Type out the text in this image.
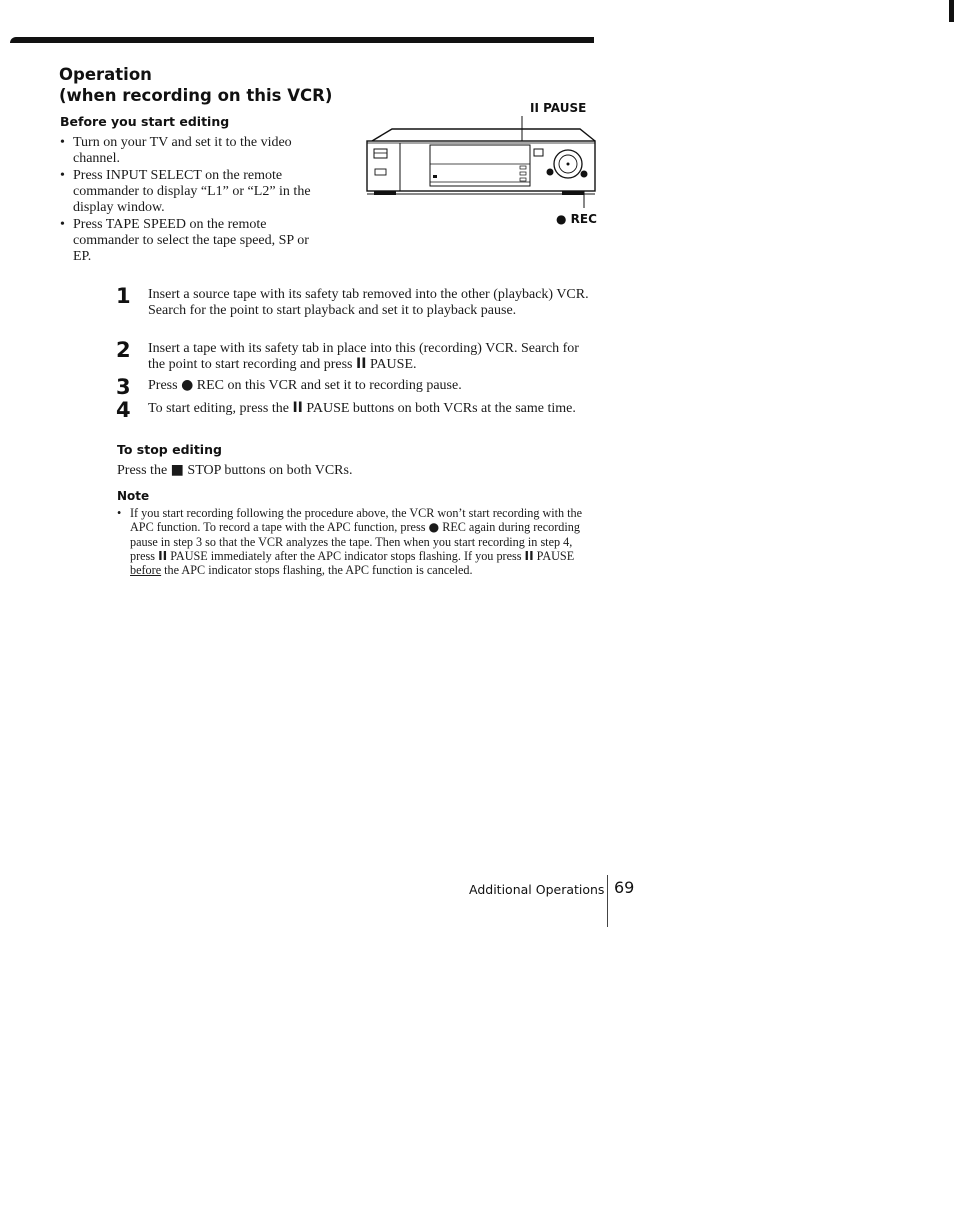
Operation
(when recording on this VCR)
Before you start editing
• Turn on your TV and set it to the video channel.
• Press INPUT SELECT on the remote commander to display “L1” or “L2” in the display window.
• Press TAPE SPEED on the remote commander to select the tape speed, SP or EP.
II PAUSE
● REC
1 Insert a source tape with its safety tab removed into the other (playback) VCR. Search for the point to start playback and set it to playback pause.
2 Insert a tape with its safety tab in place into this (recording) VCR. Search for the point to start recording and press II PAUSE.
3 Press ● REC on this VCR and set it to recording pause.
4 To start editing, press the II PAUSE buttons on both VCRs at the same time.
To stop editing
Press the ■ STOP buttons on both VCRs.
Note
• If you start recording following the procedure above, the VCR won’t start recording with the APC function. To record a tape with the APC function, press ● REC again during recording pause in step 3 so that the VCR analyzes the tape. Then when you start recording in step 4, press II PAUSE immediately after the APC indicator stops flashing. If you press II PAUSE before the APC indicator stops flashing, the APC function is canceled.
Additional Operations 69
